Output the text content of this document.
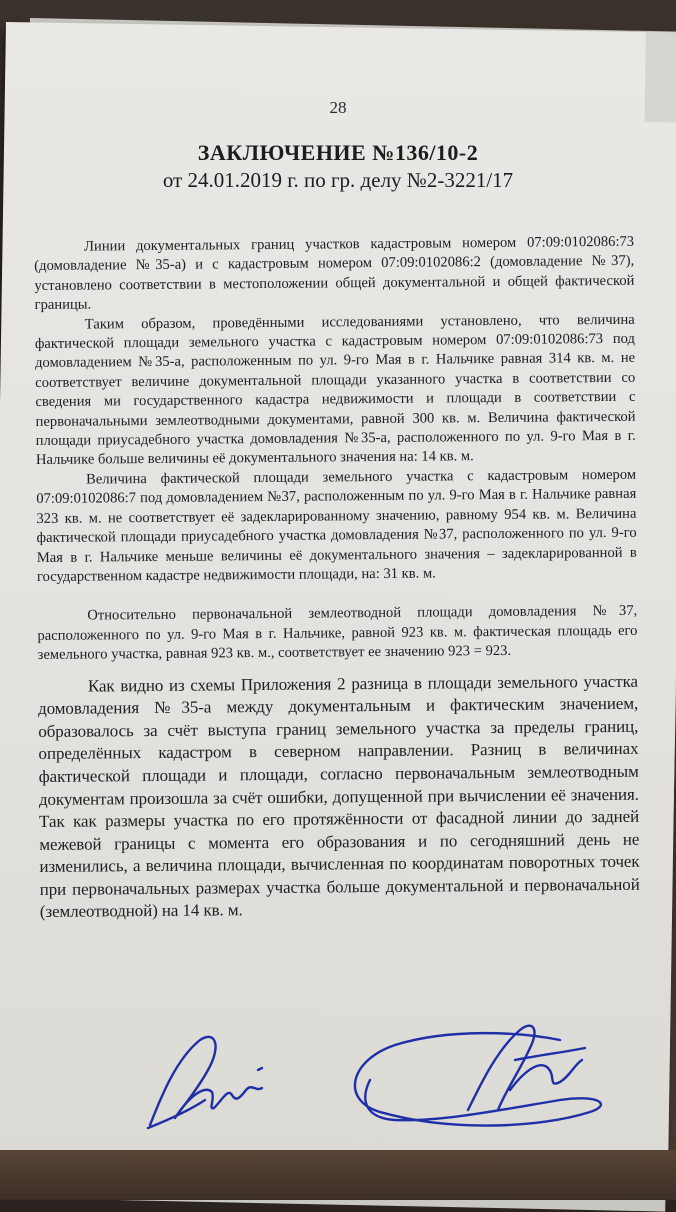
28
ЗАКЛЮЧЕНИЕ №136/10-2
от 24.01.2019 г. по гр. делу №2-3221/17

Линии документальных границ участков кадастровым номером 07:09:0102086:73 (домовладение №35-а) и с кадастровым номером 07:09:0102086:2 (домовладение №37), установлено соответствии в местоположении общей документальной и общей фактической границы.

Таким образом, проведёнными исследованиями установлено, что величина фактической площади земельного участка с кадастровым номером 07:09:0102086:73 под домовладением №35-а, расположенным по ул. 9-го Мая в г. Нальчике равная 314 кв. м. не соответствует величине документальной площади указанного участка в соответствии со сведения ми государственного кадастра недвижимости и площади в соответствии с первоначальными землеотводными документами, равной 300 кв. м. Величина фактической площади приусадебного участка домовладения №35-а, расположенного по ул. 9-го Мая в г. Нальчике больше величины её документального значения на: 14 кв. м.

Величина фактической площади земельного участка с кадастровым номером 07:09:0102086:7 под домовладением №37, расположенным по ул. 9-го Мая в г. Нальчике равная 323 кв. м. не соответствует её задекларированному значению, равному 954 кв. м. Величина фактической площади приусадебного участка домовладения №37, расположенного по ул. 9-го Мая в г. Нальчике меньше величины её документального значения – задекларированной в государственном кадастре недвижимости площади, на: 31 кв. м.

Относительно первоначальной землеотводной площади домовладения №37, расположенного по ул. 9-го Мая в г. Нальчике, равной 923 кв. м. фактическая площадь его земельного участка, равная 923 кв. м., соответствует ее значению 923 = 923.

Как видно из схемы Приложения 2 разница в площади земельного участка домовладения №35-а между документальным и фактическим значением, образовалось за счёт выступа границ земельного участка за пределы границ, определённых кадастром в северном направлении. Разниц в величинах фактической площади и площади, согласно первоначальным землеотводным документам произошла за счёт ошибки, допущенной при вычислении её значения. Так как размеры участка по его протяжённости от фасадной линии до задней межевой границы с момента его образования и по сегодняшний день не изменились, а величина площади, вычисленная по координатам поворотных точек при первоначальных размерах участка больше документальной и первоначальной (землеотводной) на 14 кв. м.
